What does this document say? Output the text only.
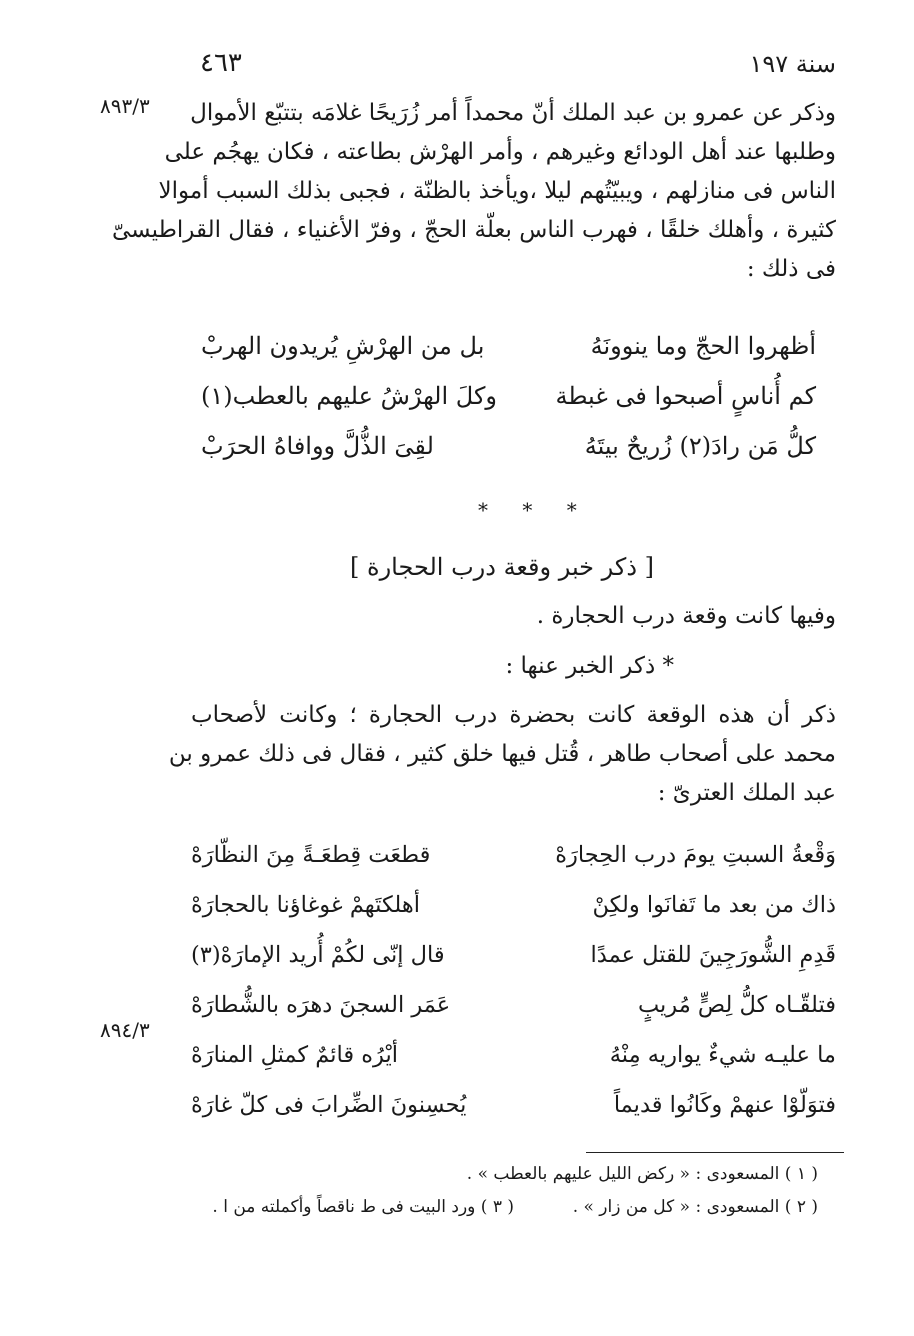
سنة ١٩٧
٤٦٣
٨٩٣/٣ وذكر عن عمرو بن عبد الملك أنّ محمداً أمر زُرَيحًا غلامَه بتتبّع الأموال
وطلبها عند أهل الودائع وغيرهم ، وأمر الهرْش بطاعته ، فكان يهجُم على
الناس فى منازلهم ، ويبيّتُهم ليلا ،ويأخذ بالظنّة ، فجبى بذلك السبب أموالا
كثيرة ، وأهلك خلقًا ، فهرب الناس بعلّة الحجّ ، وفرّ الأغنياء ، فقال القراطيسىّ
فى ذلك :
أظهروا الحجّ وما ينوونَهُ
بل من الهرْشِ يُريدون الهربْ
كم أُناسٍ أصبحوا فى غبطة
وكلَ الهرْشُ عليهم بالعطب(١)
كلُّ مَن رادَ(٢) زُريحٌ بيتَهُ
لقِىَ الذُّلَّ ووافاهُ الحرَبْ
* * *
[ ذكر خبر وقعة درب الحجارة ]
وفيها كانت وقعة درب الحجارة .
* ذكر الخبر عنها :
ذكر أن هذه الوقعة كانت بحضرة درب الحجارة ؛ وكانت لأصحاب
محمد على أصحاب طاهر ، قُتل فيها خلق كثير ، فقال فى ذلك عمرو بن
عبد الملك العترىّ :
وَقْعةُ السبتِ يومَ درب الحِجارَهْ
قطعَت قِطعَـةً مِنَ النظّارَهْ
ذاك من بعد ما تَفانَوا ولكِنْ
أهلكتَهمْ غوغاؤنا بالحجارَهْ
قَدِمِ الشُّورَجِينَ للقتل عمدًا
قال إنّى لكُمْ أُريد الإمارَهْ(٣)
فتلقّـاه كلُّ لِصٍّ مُريبٍ
عَمَر السجنَ دهرَه بالشُّطارَهْ
٨٩٤/٣
ما عليـه شيءٌ يواريه مِنْهُ
أيْرُه قائمٌ كمثلِ المنارَهْ
فتوَلّوْا عنهمْ وكَانُوا قديماً
يُحسِنونَ الضِّرابَ فى كلّ غارَهْ
( ١ ) المسعودى : « ركض الليل عليهم بالعطب » .
( ٢ ) المسعودى : « كل من زار » .
( ٣ ) ورد البيت فى ط ناقصاً وأكملته من ا .
